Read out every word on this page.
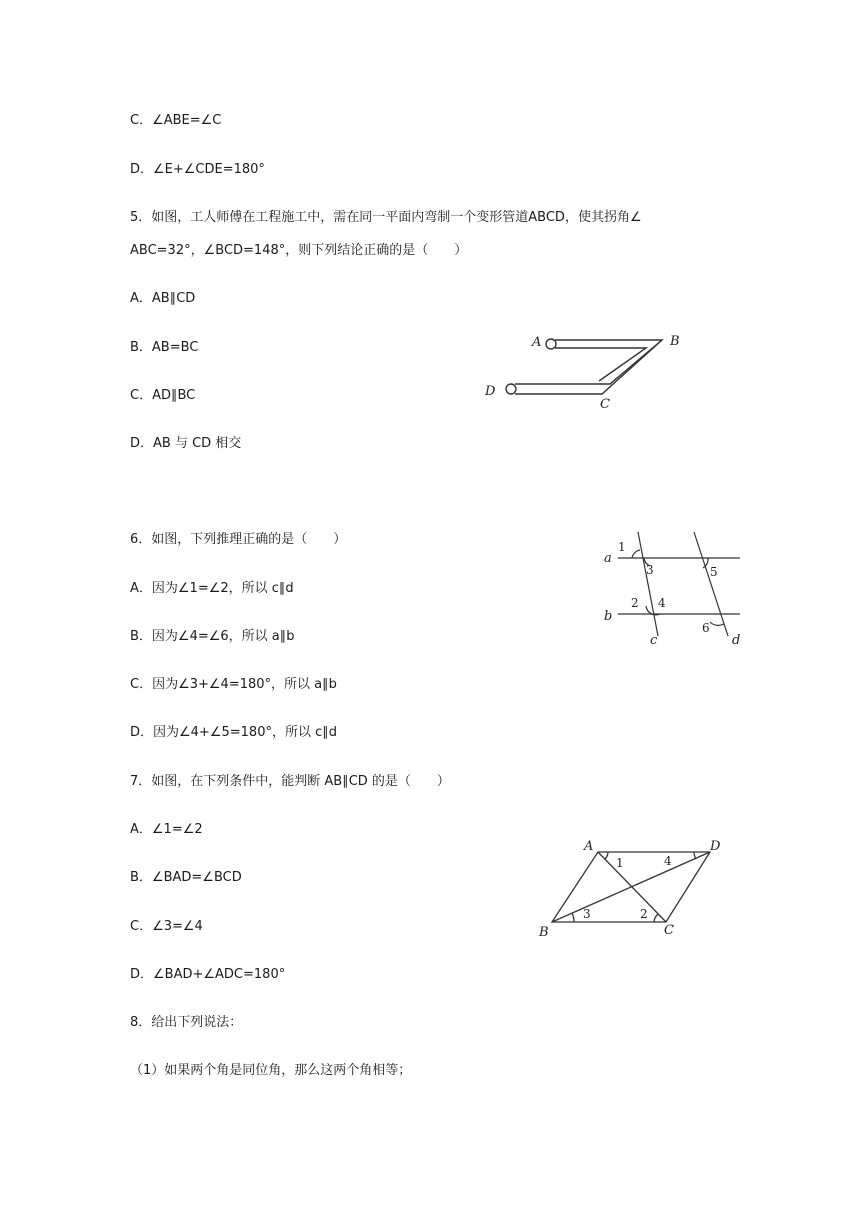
C．∠ABE=∠C
D．∠E+∠CDE=180°
5．如图，工人师傅在工程施工中，需在同一平面内弯制一个变形管道ABCD，使其拐角∠
ABC=32°，∠BCD=148°，则下列结论正确的是（　　）
A．AB∥CD
B．AB=BC
C．AD∥BC
D．AB 与 CD 相交
6．如图，下列推理正确的是（　　）
A．因为∠1=∠2，所以 c∥d
B．因为∠4=∠6，所以 a∥b
C．因为∠3+∠4=180°，所以 a∥b
D．因为∠4+∠5=180°，所以 c∥d
7．如图，在下列条件中，能判断 AB∥CD 的是（　　）
A．∠1=∠2
B．∠BAD=∠BCD
C．∠3=∠4
D．∠BAD+∠ADC=180°
8．给出下列说法：
（1）如果两个角是同位角，那么这两个角相等；
A	B
C
D
a
b
c	d
1
3
2 4
5
6
A	D
B	C
1	4
3	2
